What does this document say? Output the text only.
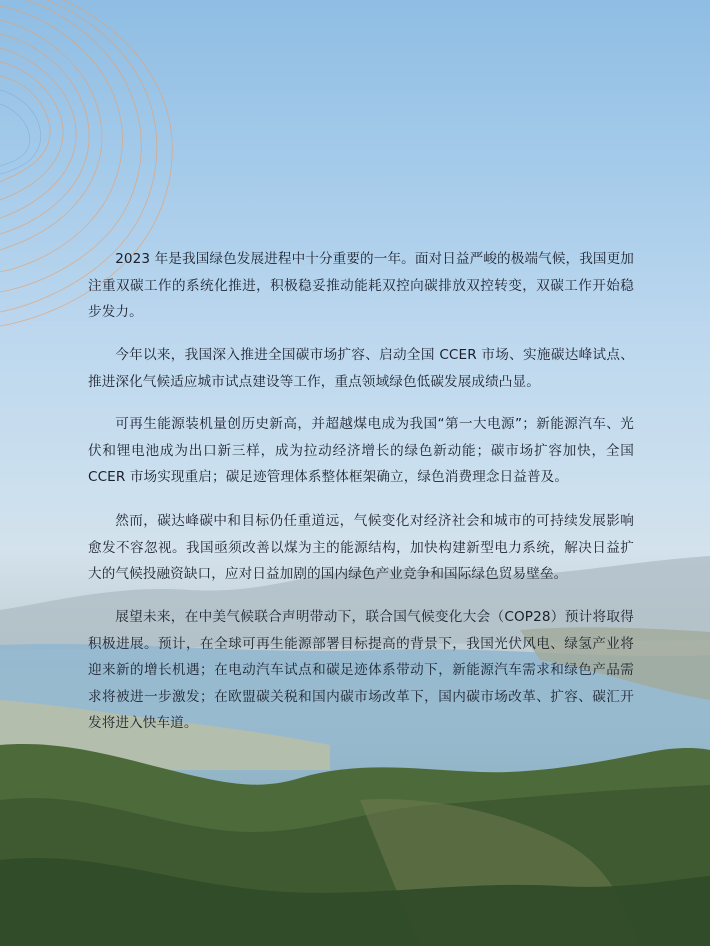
2023 年是我国绿色发展进程中十分重要的一年。面对日益严峻的极端气候，我国更加注重双碳工作的系统化推进，积极稳妥推动能耗双控向碳排放双控转变，双碳工作开始稳步发力。

今年以来，我国深入推进全国碳市场扩容、启动全国 CCER 市场、实施碳达峰试点、推进深化气候适应城市试点建设等工作，重点领域绿色低碳发展成绩凸显。

可再生能源装机量创历史新高，并超越煤电成为我国“第一大电源”；新能源汽车、光伏和锂电池成为出口新三样，成为拉动经济增长的绿色新动能；碳市场扩容加快，全国 CCER 市场实现重启；碳足迹管理体系整体框架确立，绿色消费理念日益普及。

然而，碳达峰碳中和目标仍任重道远，气候变化对经济社会和城市的可持续发展影响愈发不容忽视。我国亟须改善以煤为主的能源结构，加快构建新型电力系统，解决日益扩大的气候投融资缺口，应对日益加剧的国内绿色产业竞争和国际绿色贸易壁垒。

展望未来，在中美气候联合声明带动下，联合国气候变化大会（COP28）预计将取得积极进展。预计，在全球可再生能源部署目标提高的背景下，我国光伏风电、绿氢产业将迎来新的增长机遇；在电动汽车试点和碳足迹体系带动下，新能源汽车需求和绿色产品需求将被进一步激发；在欧盟碳关税和国内碳市场改革下，国内碳市场改革、扩容、碳汇开发将进入快车道。
